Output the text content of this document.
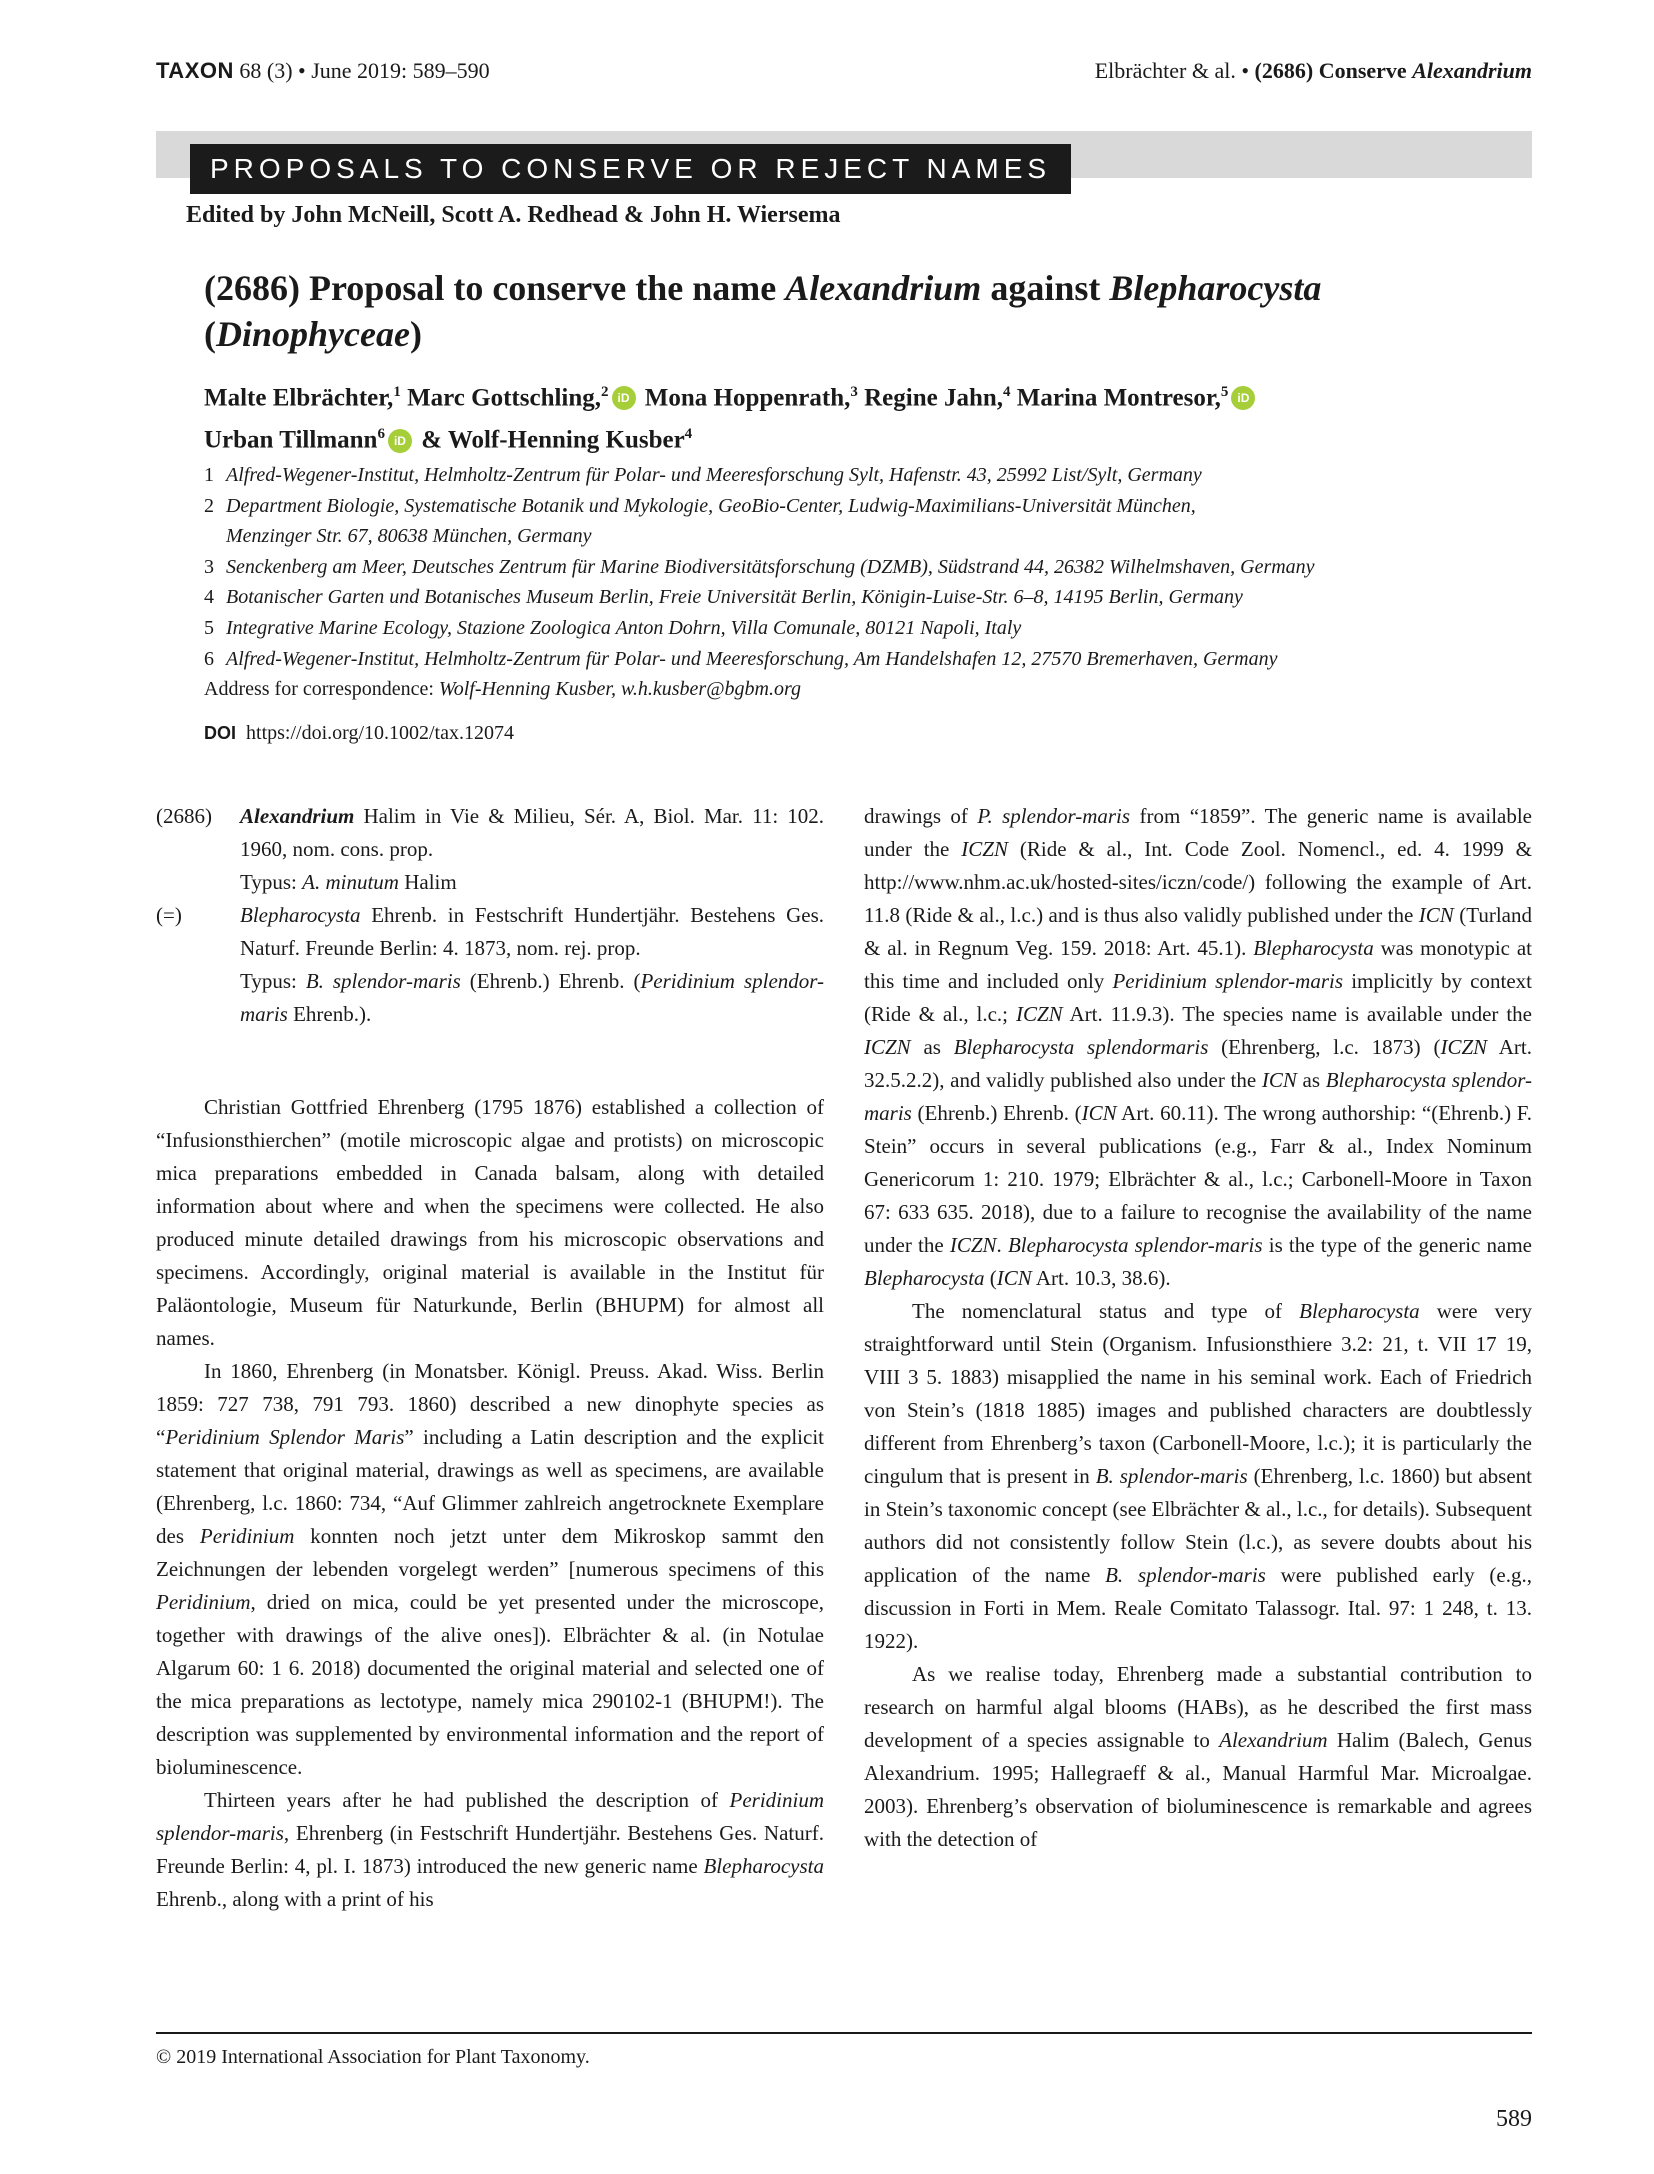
TAXON 68 (3) • June 2019: 589–590	Elbrächter & al. • (2686) Conserve Alexandrium
PROPOSALS TO CONSERVE OR REJECT NAMES
Edited by John McNeill, Scott A. Redhead & John H. Wiersema
(2686) Proposal to conserve the name Alexandrium against Blepharocysta
(Dinophyceae)
Malte Elbrächter,$^1$ Marc Gottschling,$^2$ iD Mona Hoppenrath,$^3$ Regine Jahn,$^4$ Marina Montresor,$^5$ iD
Urban Tillmann$^6$ iD & Wolf-Henning Kusber$^4$
1 Alfred-Wegener-Institut, Helmholtz-Zentrum für Polar- und Meeresforschung Sylt, Hafenstr. 43, 25992 List/Sylt, Germany
2 Department Biologie, Systematische Botanik und Mykologie, GeoBio-Center, Ludwig-Maximilians-Universität München,
Menzinger Str. 67, 80638 München, Germany
3 Senckenberg am Meer, Deutsches Zentrum für Marine Biodiversitätsforschung (DZMB), Südstrand 44, 26382 Wilhelmshaven, Germany
4 Botanischer Garten und Botanisches Museum Berlin, Freie Universität Berlin, Königin-Luise-Str. 6–8, 14195 Berlin, Germany
5 Integrative Marine Ecology, Stazione Zoologica Anton Dohrn, Villa Comunale, 80121 Napoli, Italy
6 Alfred-Wegener-Institut, Helmholtz-Zentrum für Polar- und Meeresforschung, Am Handelshafen 12, 27570 Bremerhaven, Germany
Address for correspondence: Wolf-Henning Kusber, w.h.kusber@bgbm.org
DOI https://doi.org/10.1002/tax.12074
(2686)	Alexandrium Halim in Vie & Milieu, Sér. A, Biol. Mar. 11: 102. 1960, nom. cons. prop.
Typus: A. minutum Halim
(=)	Blepharocysta Ehrenb. in Festschrift Hundertjähr. Bestehens Ges. Naturf. Freunde Berlin: 4. 1873, nom. rej. prop.
Typus: B. splendor-maris (Ehrenb.) Ehrenb. (Peridinium splendor-maris Ehrenb.).

Christian Gottfried Ehrenberg (1795 1876) established a collection of “Infusionsthierchen” (motile microscopic algae and protists) on microscopic mica preparations embedded in Canada balsam, along with detailed information about where and when the specimens were collected. He also produced minute detailed drawings from his microscopic observations and specimens. Accordingly, original material is available in the Institut für Paläontologie, Museum für Naturkunde, Berlin (BHUPM) for almost all names.

In 1860, Ehrenberg (in Monatsber. Königl. Preuss. Akad. Wiss. Berlin 1859: 727 738, 791 793. 1860) described a new dinophyte species as “Peridinium Splendor Maris” including a Latin description and the explicit statement that original material, drawings as well as specimens, are available (Ehrenberg, l.c. 1860: 734, “Auf Glimmer zahlreich angetrocknete Exemplare des Peridinium konnten noch jetzt unter dem Mikroskop sammt den Zeichnungen der lebenden vorgelegt werden” [numerous specimens of this Peridinium, dried on mica, could be yet presented under the microscope, together with drawings of the alive ones]). Elbrächter & al. (in Notulae Algarum 60: 1 6. 2018) documented the original material and selected one of the mica preparations as lectotype, namely mica 290102-1 (BHUPM!). The description was supplemented by environmental information and the report of bioluminescence.

Thirteen years after he had published the description of Peridinium splendor-maris, Ehrenberg (in Festschrift Hundertjähr. Bestehens Ges. Naturf. Freunde Berlin: 4, pl. I. 1873) introduced the new generic name Blepharocysta Ehrenb., along with a print of his

drawings of P. splendor-maris from “1859”. The generic name is available under the ICZN (Ride & al., Int. Code Zool. Nomencl., ed. 4. 1999 & http://www.nhm.ac.uk/hosted-sites/iczn/code/) following the example of Art. 11.8 (Ride & al., l.c.) and is thus also validly published under the ICN (Turland & al. in Regnum Veg. 159. 2018: Art. 45.1). Blepharocysta was monotypic at this time and included only Peridinium splendor-maris implicitly by context (Ride & al., l.c.; ICZN Art. 11.9.3). The species name is available under the ICZN as Blepharocysta splendormaris (Ehrenberg, l.c. 1873) (ICZN Art. 32.5.2.2), and validly published also under the ICN as Blepharocysta splendor-maris (Ehrenb.) Ehrenb. (ICN Art. 60.11). The wrong authorship: “(Ehrenb.) F. Stein” occurs in several publications (e.g., Farr & al., Index Nominum Genericorum 1: 210. 1979; Elbrächter & al., l.c.; Carbonell-Moore in Taxon 67: 633 635. 2018), due to a failure to recognise the availability of the name under the ICZN. Blepharocysta splendor-maris is the type of the generic name Blepharocysta (ICN Art. 10.3, 38.6).

The nomenclatural status and type of Blepharocysta were very straightforward until Stein (Organism. Infusionsthiere 3.2: 21, t. VII 17 19, VIII 3 5. 1883) misapplied the name in his seminal work. Each of Friedrich von Stein’s (1818 1885) images and published characters are doubtlessly different from Ehrenberg’s taxon (Carbonell-Moore, l.c.); it is particularly the cingulum that is present in B. splendor-maris (Ehrenberg, l.c. 1860) but absent in Stein’s taxonomic concept (see Elbrächter & al., l.c., for details). Subsequent authors did not consistently follow Stein (l.c.), as severe doubts about his application of the name B. splendor-maris were published early (e.g., discussion in Forti in Mem. Reale Comitato Talassogr. Ital. 97: 1 248, t. 13. 1922).

As we realise today, Ehrenberg made a substantial contribution to research on harmful algal blooms (HABs), as he described the first mass development of a species assignable to Alexandrium Halim (Balech, Genus Alexandrium. 1995; Hallegraeff & al., Manual Harmful Mar. Microalgae. 2003). Ehrenberg’s observation of bioluminescence is remarkable and agrees with the detection of

© 2019 International Association for Plant Taxonomy.
589
